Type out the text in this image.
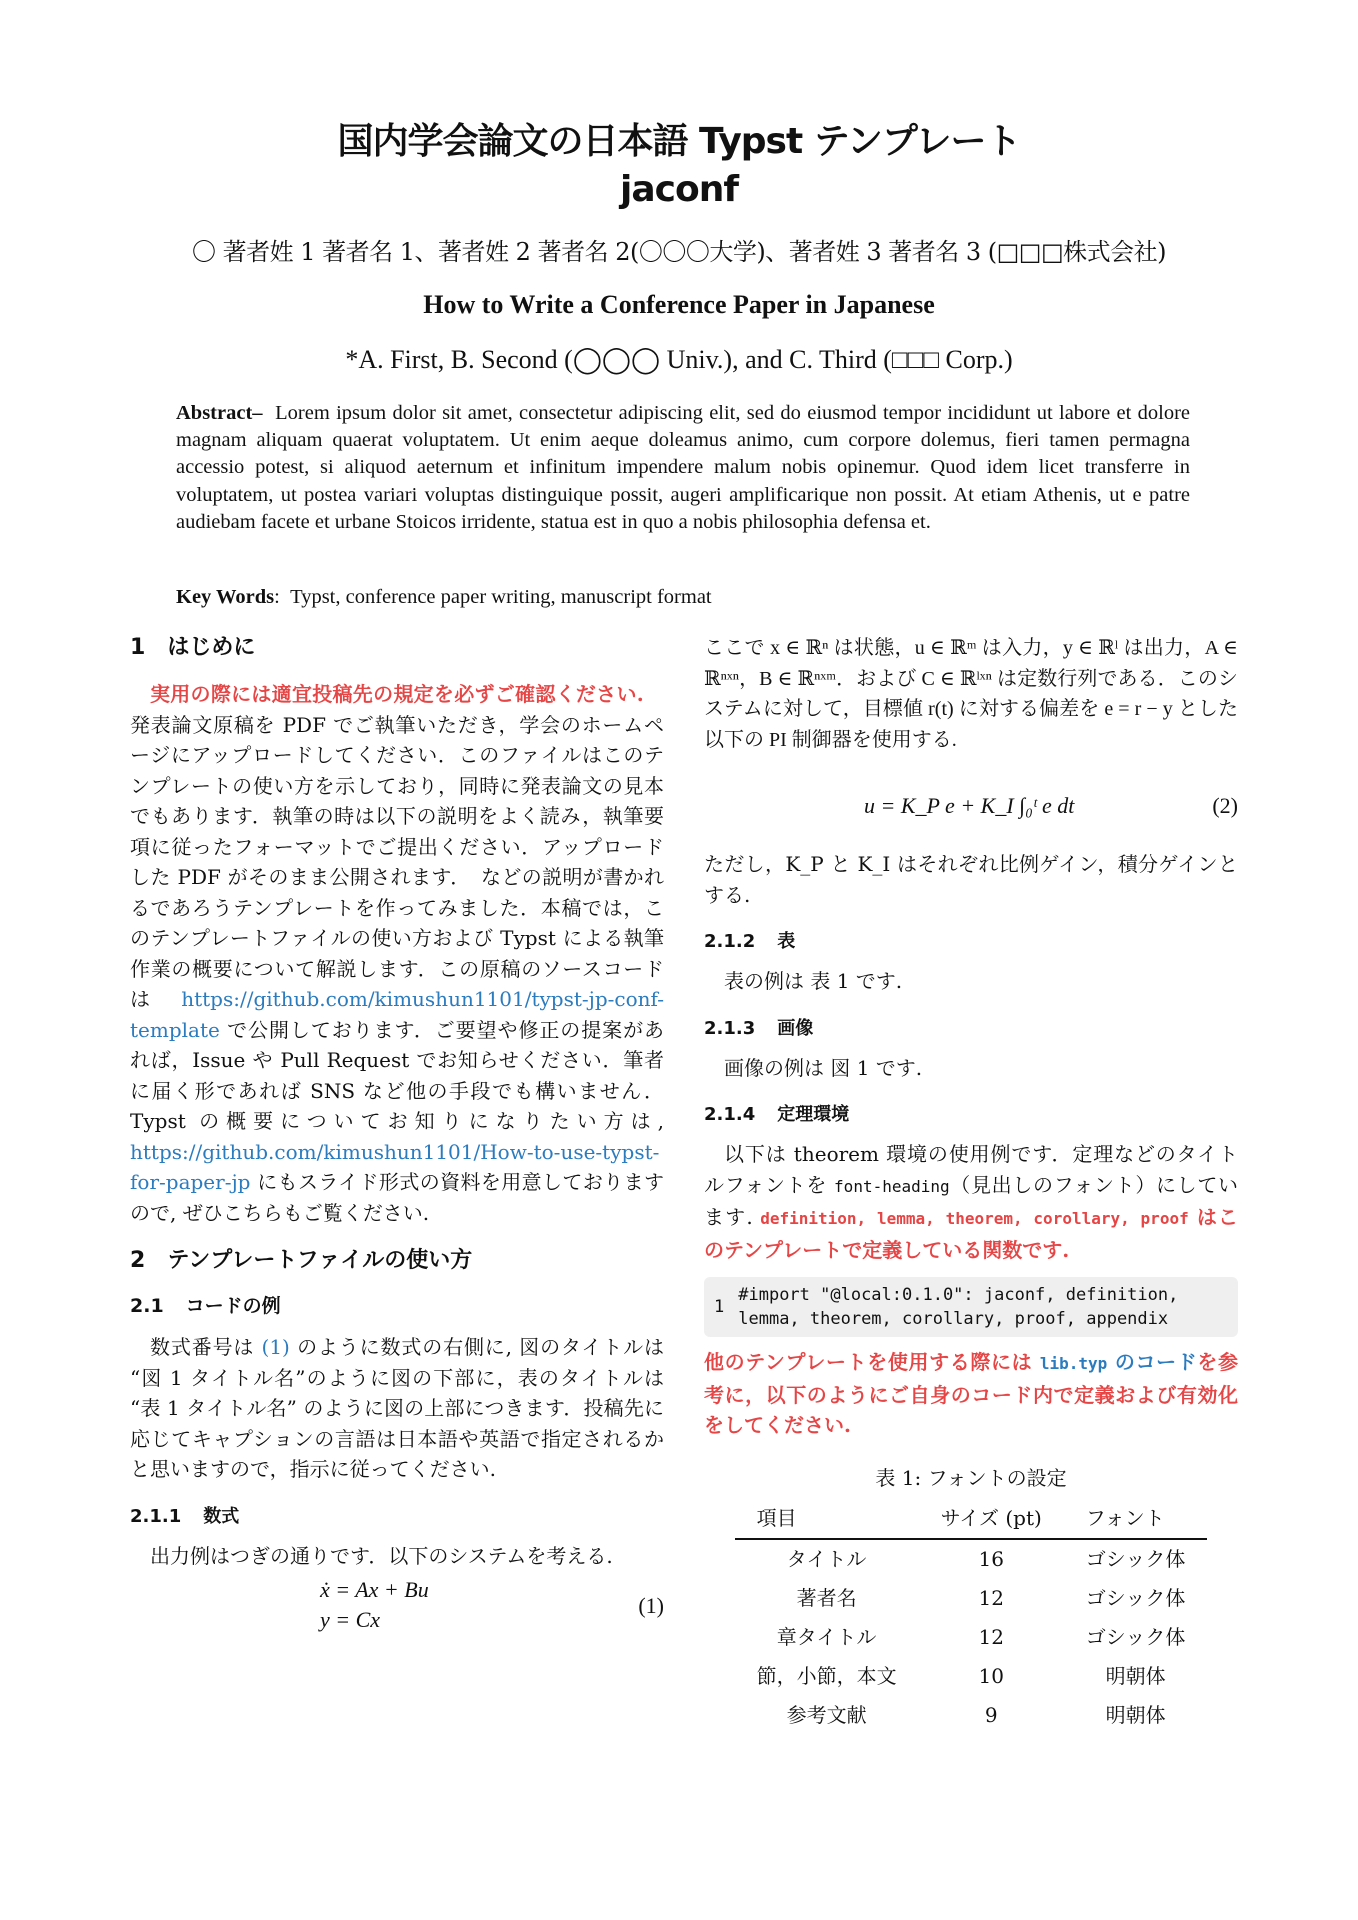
国内学会論文の日本語 Typst テンプレート
jaconf
〇 著者姓 1 著者名 1、著者姓 2 著者名 2(〇〇〇大学)、著者姓 3 著者名 3 (□□□株式会社)
How to Write a Conference Paper in Japanese
*A. First, B. Second (◯◯◯ Univ.), and C. Third (□□□ Corp.)
Abstract– Lorem ipsum dolor sit amet, consectetur adipiscing elit, sed do eiusmod tempor incididunt ut labore et dolore magnam aliquam quaerat voluptatem. Ut enim aeque doleamus animo, cum corpore dolemus, fieri tamen permagna accessio potest, si aliquod aeternum et infinitum impendere malum nobis opinemur. Quod idem licet transferre in voluptatem, ut postea variari voluptas distinguique possit, augeri amplificarique non possit. At etiam Athenis, ut e patre audiebam facete et urbane Stoicos irridente, statua est in quo a nobis philosophia defensa et.
Key Words:  Typst, conference paper writing, manuscript format
1 はじめに

実用の際には適宜投稿先の規定を必ずご確認ください.　発表論文原稿を PDF でご執筆いただき，学会のホームページにアップロードしてください．このファイルはこのテンプレートの使い方を示しており，同時に発表論文の見本でもあります．執筆の時は以下の説明をよく読み，執筆要項に従ったフォーマットでご提出ください．アップロードした PDF がそのまま公開されます．　などの説明が書かれるであろうテンプレートを作ってみました．本稿では，このテンプレートファイルの使い方および Typst による執筆作業の概要について解説します．この原稿のソースコードは https://github.com/kimushun1101/typst-jp-conf-template で公開しております．ご要望や修正の提案があれば，Issue や Pull Request でお知らせください．筆者に届く形であれば SNS など他の手段でも構いません．Typst の概要についてお知りになりたい方は, https://github.com/kimushun1101/How-to-use-typst-for-paper-jp にもスライド形式の資料を用意しておりますので, ぜひこちらもご覧ください.

2 テンプレートファイルの使い方
2.1 コードの例

数式番号は (1) のように数式の右側に, 図のタイトルは “図 1 タイトル名”のように図の下部に，表のタイトルは “表 1 タイトル名” のように図の上部につきます．投稿先に応じてキャプションの言語は日本語や英語で指定されるかと思いますので，指示に従ってください.

2.1.1 数式

出力例はつぎの通りです．以下のシステムを考える.

ẋ = Ax + Bu
y = Cx
(1)

ここで x ∈ ℝⁿ は状態，u ∈ ℝᵐ は入力，y ∈ ℝˡ は出力，A ∈ ℝⁿˣⁿ，B ∈ ℝⁿˣᵐ．および C ∈ ℝˡˣⁿ は定数行列である．このシステムに対して，目標値 r(t) に対する偏差を e = r − y とした以下の PI 制御器を使用する.

u = K_P e + K_I ∫₀ᵗ e dt	(2)

ただし，K_P と K_I はそれぞれ比例ゲイン，積分ゲインとする.

2.1.2 表

表の例は 表 1 です.

2.1.3 画像

画像の例は 図 1 です.

2.1.4 定理環境

以下は theorem 環境の使用例です．定理などのタイトルフォントを font-heading（見出しのフォント）にしています. definition, lemma, theorem, corollary, proof はこのテンプレートで定義している関数です.

1
#import "@local:0.1.0": jaconf, definition,
lemma, theorem, corollary, proof, appendix

他のテンプレートを使用する際には lib.typ のコードを参考に，以下のようにご自身のコード内で定義および有効化をしてください.

表 1: フォントの設定
項目	サイズ (pt)	フォント
タイトル	16	ゴシック体
著者名	12	ゴシック体
章タイトル	12	ゴシック体
節，小節，本文	10	明朝体
参考文献	9	明朝体
